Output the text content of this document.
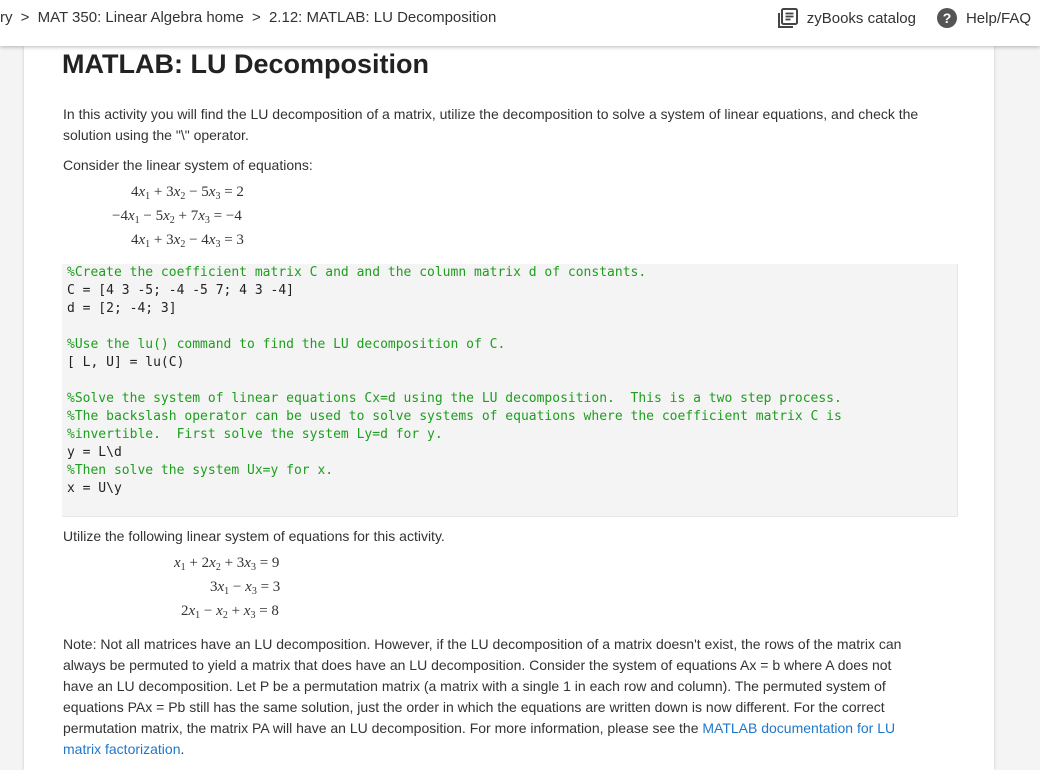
ry > MAT 350: Linear Algebra home > 2.12: MATLAB: LU Decomposition	zyBooks catalog ? Help/FAQ
MATLAB: LU Decomposition

In this activity you will find the LU decomposition of a matrix, utilize the decomposition to solve a system of linear equations, and check the
solution using the "\" operator.

Consider the linear system of equations:

$4x_1 + 3x_2 - 5x_3 = 2$
$-4x_1 - 5x_2 + 7x_3 = -4$
$4x_1 + 3x_2 - 4x_3 = 3$
%Create the coefficient matrix C and and the column matrix d of constants.
C = [4 3 -5; -4 -5 7; 4 3 -4]
d = [2; -4; 3]
%Use the lu() command to find the LU decomposition of C.
[ L, U] = lu(C)
%Solve the system of linear equations Cx=d using the LU decomposition.  This is a two step process.
%The backslash operator can be used to solve systems of equations where the coefficient matrix C is
%invertible.  First solve the system Ly=d for y.
y = L\d
%Then solve the system Ux=y for x.
x = U\y

Utilize the following linear system of equations for this activity.

$x_1 + 2x_2 + 3x_3 = 9$
$3x_1 - x_3 = 3$
$2x_1 - x_2 + x_3 = 8$

Note: Not all matrices have an LU decomposition. However, if the LU decomposition of a matrix doesn't exist, the rows of the matrix can
always be permuted to yield a matrix that does have an LU decomposition. Consider the system of equations Ax = b where A does not
have an LU decomposition. Let P be a permutation matrix (a matrix with a single 1 in each row and column). The permuted system of
equations PAx = Pb still has the same solution, just the order in which the equations are written down is now different. For the correct
permutation matrix, the matrix PA will have an LU decomposition. For more information, please see the MATLAB documentation for LU
matrix factorization.
